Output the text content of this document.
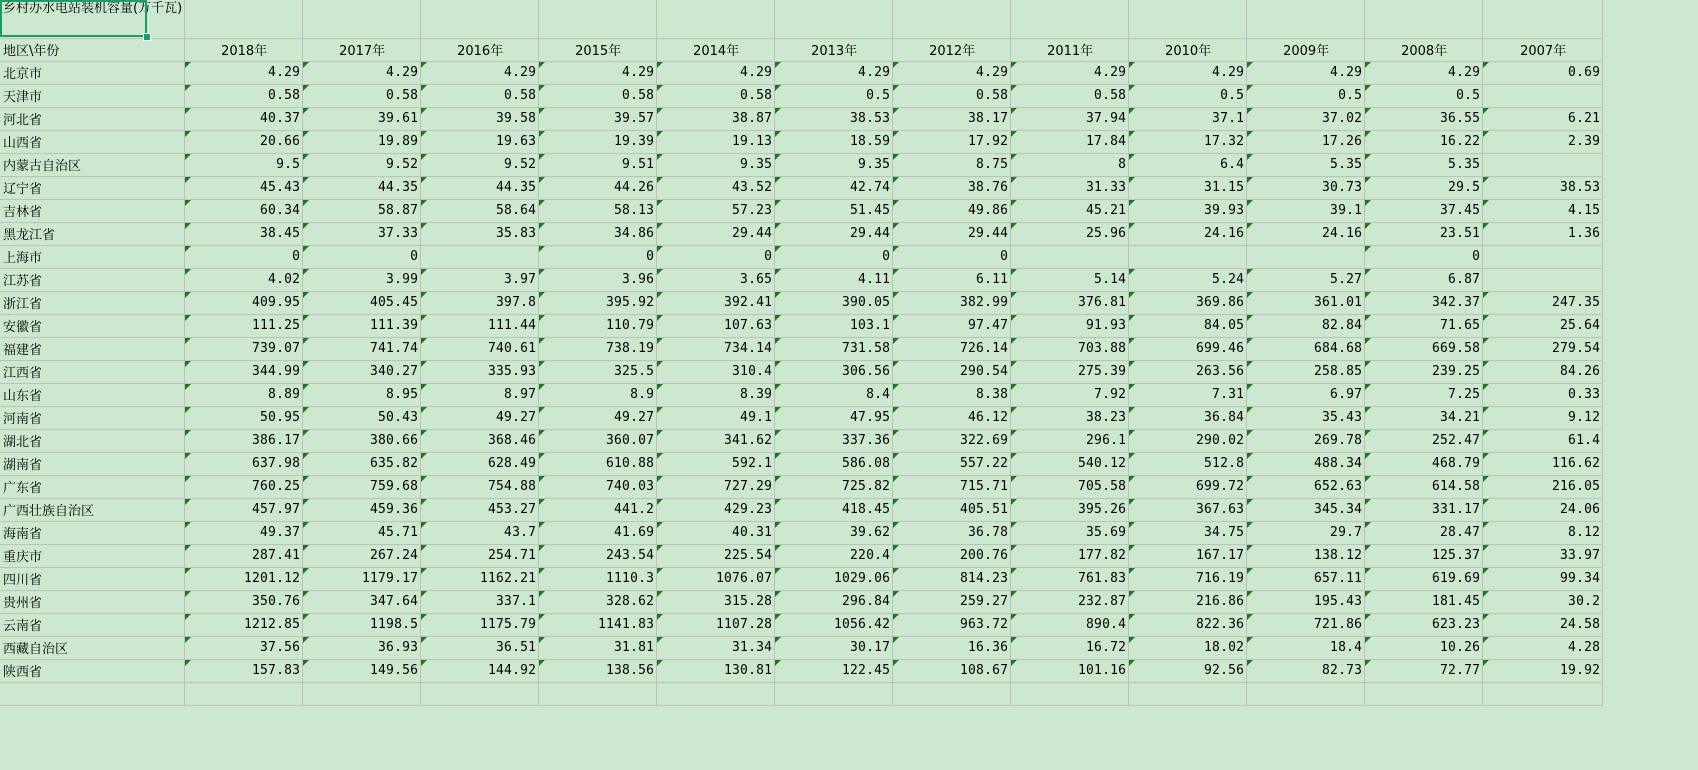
乡村办水电站装机容量(万千瓦)												
地区\年份	2018年	2017年	2016年	2015年	2014年	2013年	2012年	2011年	2010年	2009年	2008年	2007年
北京市	4.29	4.29	4.29	4.29	4.29	4.29	4.29	4.29	4.29	4.29	4.29	0.69
天津市	0.58	0.58	0.58	0.58	0.58	0.5	0.58	0.58	0.5	0.5	0.5	
河北省	40.37	39.61	39.58	39.57	38.87	38.53	38.17	37.94	37.1	37.02	36.55	6.21
山西省	20.66	19.89	19.63	19.39	19.13	18.59	17.92	17.84	17.32	17.26	16.22	2.39
内蒙古自治区	9.5	9.52	9.52	9.51	9.35	9.35	8.75	8	6.4	5.35	5.35	
辽宁省	45.43	44.35	44.35	44.26	43.52	42.74	38.76	31.33	31.15	30.73	29.5	38.53
吉林省	60.34	58.87	58.64	58.13	57.23	51.45	49.86	45.21	39.93	39.1	37.45	4.15
黑龙江省	38.45	37.33	35.83	34.86	29.44	29.44	29.44	25.96	24.16	24.16	23.51	1.36
上海市	0	0		0	0	0	0				0	
江苏省	4.02	3.99	3.97	3.96	3.65	4.11	6.11	5.14	5.24	5.27	6.87	
浙江省	409.95	405.45	397.8	395.92	392.41	390.05	382.99	376.81	369.86	361.01	342.37	247.35
安徽省	111.25	111.39	111.44	110.79	107.63	103.1	97.47	91.93	84.05	82.84	71.65	25.64
福建省	739.07	741.74	740.61	738.19	734.14	731.58	726.14	703.88	699.46	684.68	669.58	279.54
江西省	344.99	340.27	335.93	325.5	310.4	306.56	290.54	275.39	263.56	258.85	239.25	84.26
山东省	8.89	8.95	8.97	8.9	8.39	8.4	8.38	7.92	7.31	6.97	7.25	0.33
河南省	50.95	50.43	49.27	49.27	49.1	47.95	46.12	38.23	36.84	35.43	34.21	9.12
湖北省	386.17	380.66	368.46	360.07	341.62	337.36	322.69	296.1	290.02	269.78	252.47	61.4
湖南省	637.98	635.82	628.49	610.88	592.1	586.08	557.22	540.12	512.8	488.34	468.79	116.62
广东省	760.25	759.68	754.88	740.03	727.29	725.82	715.71	705.58	699.72	652.63	614.58	216.05
广西壮族自治区	457.97	459.36	453.27	441.2	429.23	418.45	405.51	395.26	367.63	345.34	331.17	24.06
海南省	49.37	45.71	43.7	41.69	40.31	39.62	36.78	35.69	34.75	29.7	28.47	8.12
重庆市	287.41	267.24	254.71	243.54	225.54	220.4	200.76	177.82	167.17	138.12	125.37	33.97
四川省	1201.12	1179.17	1162.21	1110.3	1076.07	1029.06	814.23	761.83	716.19	657.11	619.69	99.34
贵州省	350.76	347.64	337.1	328.62	315.28	296.84	259.27	232.87	216.86	195.43	181.45	30.2
云南省	1212.85	1198.5	1175.79	1141.83	1107.28	1056.42	963.72	890.4	822.36	721.86	623.23	24.58
西藏自治区	37.56	36.93	36.51	31.81	31.34	30.17	16.36	16.72	18.02	18.4	10.26	4.28
陕西省	157.83	149.56	144.92	138.56	130.81	122.45	108.67	101.16	92.56	82.73	72.77	19.92
